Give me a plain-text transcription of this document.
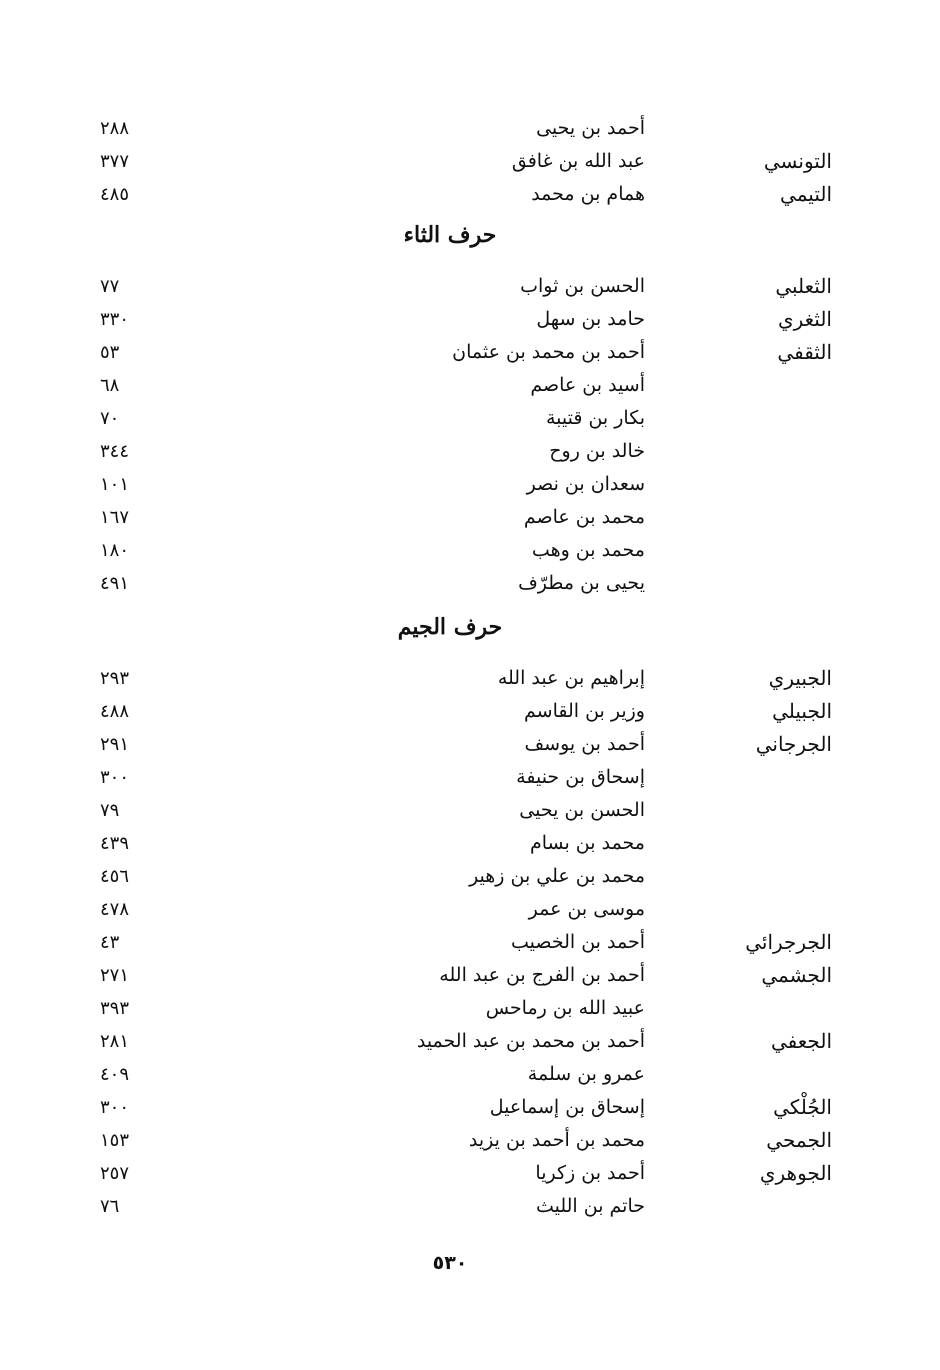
أحمد بن يحيى
٢٨٨
التونسي
عبد الله بن غافق
٣٧٧
التيمي
همام بن محمد
٤٨٥
حرف الثاء
الثعلبي
الحسن بن ثواب
٧٧
الثغري
حامد بن سهل
٣٣٠
الثقفي
أحمد بن محمد بن عثمان
٥٣
أسيد بن عاصم
٦٨
بكار بن قتيبة
٧٠
خالد بن روح
٣٤٤
سعدان بن نصر
١٠١
محمد بن عاصم
١٦٧
محمد بن وهب
١٨٠
يحيى بن مطرّف
٤٩١
حرف الجيم
الجبيري
إبراهيم بن عبد الله
٢٩٣
الجبيلي
وزير بن القاسم
٤٨٨
الجرجاني
أحمد بن يوسف
٢٩١
إسحاق بن حنيفة
٣٠٠
الحسن بن يحيى
٧٩
محمد بن بسام
٤٣٩
محمد بن علي بن زهير
٤٥٦
موسى بن عمر
٤٧٨
الجرجرائي
أحمد بن الخصيب
٤٣
الجشمي
أحمد بن الفرج بن عبد الله
٢٧١
عبيد الله بن رماحس
٣٩٣
الجعفي
أحمد بن محمد بن عبد الحميد
٢٨١
عمرو بن سلمة
٤٠٩
الجُلْكي
إسحاق بن إسماعيل
٣٠٠
الجمحي
محمد بن أحمد بن يزيد
١٥٣
الجوهري
أحمد بن زكريا
٢٥٧
حاتم بن الليث
٧٦
٥٣٠
